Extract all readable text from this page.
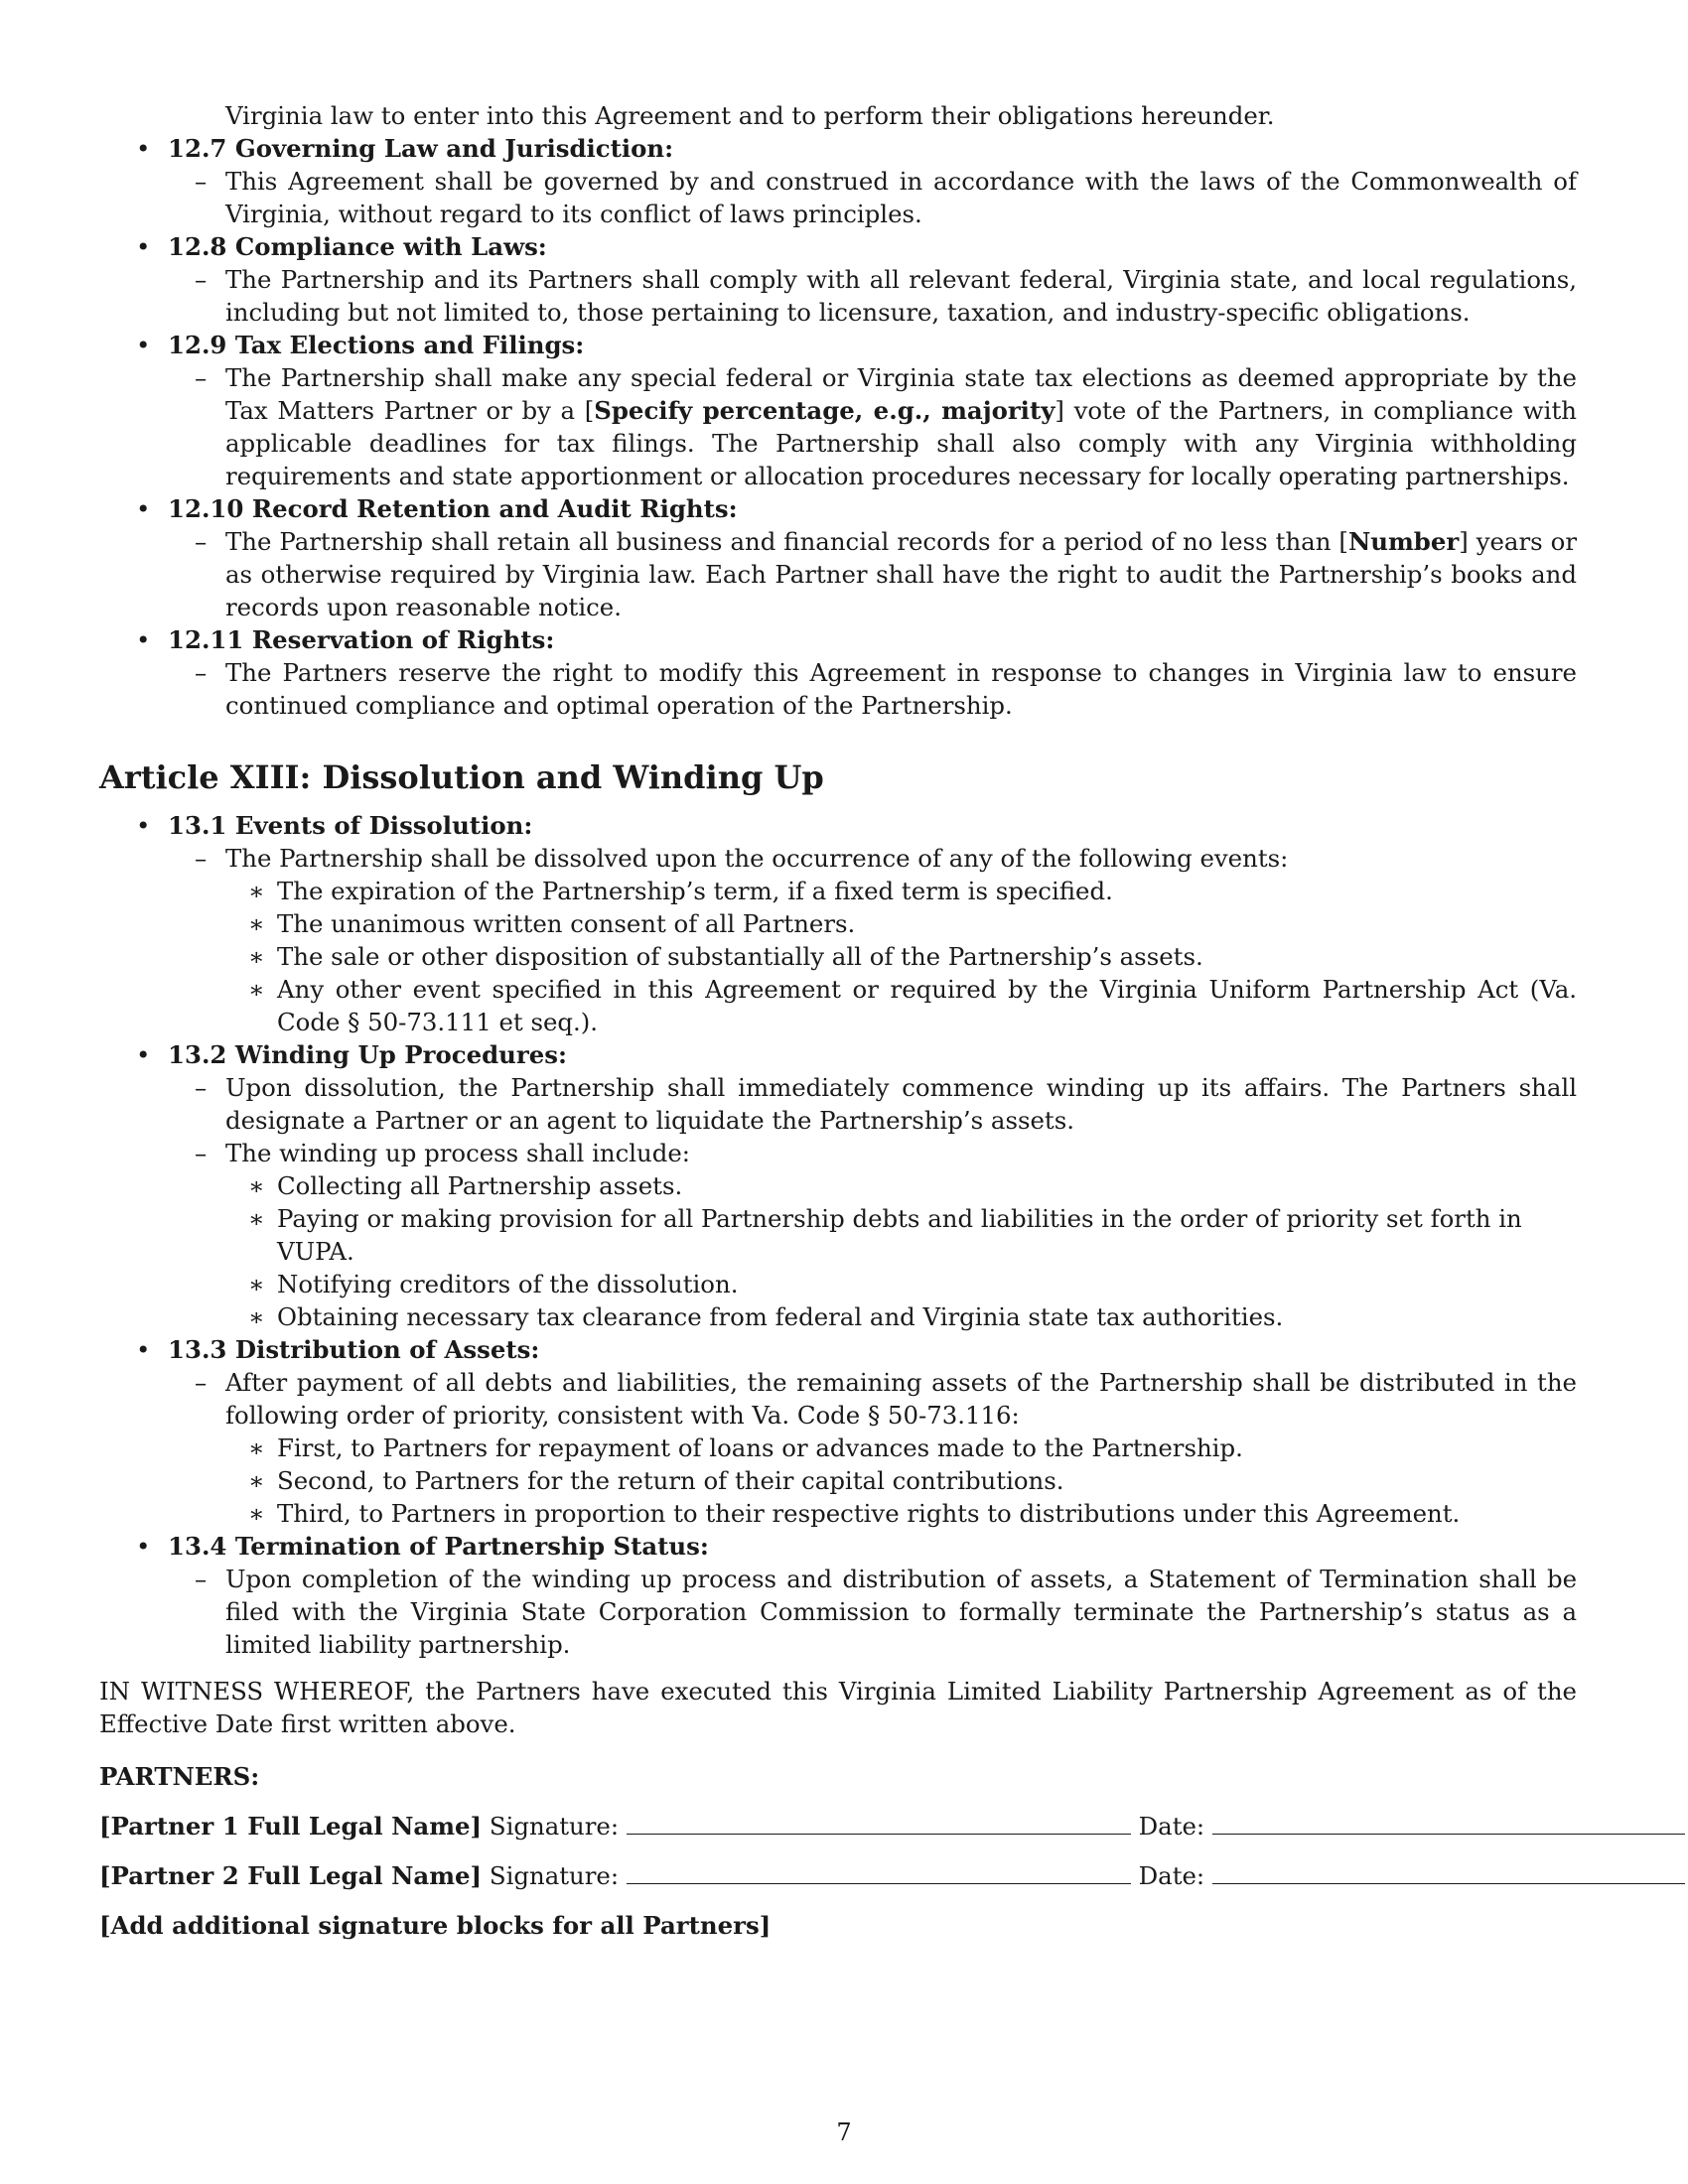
Virginia law to enter into this Agreement and to perform their obligations hereunder.
• 12.7 Governing Law and Jurisdiction:
– This Agreement shall be governed by and construed in accordance with the laws of the Commonwealth of Virginia, without regard to its conflict of laws principles.
• 12.8 Compliance with Laws:
– The Partnership and its Partners shall comply with all relevant federal, Virginia state, and local regulations, including but not limited to, those pertaining to licensure, taxation, and industry-specific obligations.
• 12.9 Tax Elections and Filings:
– The Partnership shall make any special federal or Virginia state tax elections as deemed appropriate by the Tax Matters Partner or by a [Specify percentage, e.g., majority] vote of the Partners, in compliance with applicable deadlines for tax filings. The Partnership shall also comply with any Virginia withholding requirements and state apportionment or allocation procedures necessary for locally operating partnerships.
• 12.10 Record Retention and Audit Rights:
– The Partnership shall retain all business and financial records for a period of no less than [Number] years or as otherwise required by Virginia law. Each Partner shall have the right to audit the Partnership’s books and records upon reasonable notice.
• 12.11 Reservation of Rights:
– The Partners reserve the right to modify this Agreement in response to changes in Virginia law to ensure continued compliance and optimal operation of the Partnership.
Article XIII: Dissolution and Winding Up
• 13.1 Events of Dissolution:
– The Partnership shall be dissolved upon the occurrence of any of the following events:
∗ The expiration of the Partnership’s term, if a fixed term is specified.
∗ The unanimous written consent of all Partners.
∗ The sale or other disposition of substantially all of the Partnership’s assets.
∗ Any other event specified in this Agreement or required by the Virginia Uniform Partnership Act (Va. Code § 50-73.111 et seq.).
• 13.2 Winding Up Procedures:
– Upon dissolution, the Partnership shall immediately commence winding up its affairs. The Partners shall designate a Partner or an agent to liquidate the Partnership’s assets.
– The winding up process shall include:
∗ Collecting all Partnership assets.
∗ Paying or making provision for all Partnership debts and liabilities in the order of priority set forth in VUPA.
∗ Notifying creditors of the dissolution.
∗ Obtaining necessary tax clearance from federal and Virginia state tax authorities.
• 13.3 Distribution of Assets:
– After payment of all debts and liabilities, the remaining assets of the Partnership shall be distributed in the following order of priority, consistent with Va. Code § 50-73.116:
∗ First, to Partners for repayment of loans or advances made to the Partnership.
∗ Second, to Partners for the return of their capital contributions.
∗ Third, to Partners in proportion to their respective rights to distributions under this Agreement.
• 13.4 Termination of Partnership Status:
– Upon completion of the winding up process and distribution of assets, a Statement of Termination shall be filed with the Virginia State Corporation Commission to formally terminate the Partnership’s status as a limited liability partnership.
IN WITNESS WHEREOF, the Partners have executed this Virginia Limited Liability Partnership Agreement as of the Effective Date first written above.
PARTNERS:
[Partner 1 Full Legal Name] Signature:	Date:
[Partner 2 Full Legal Name] Signature:	Date:
[Add additional signature blocks for all Partners]
7
